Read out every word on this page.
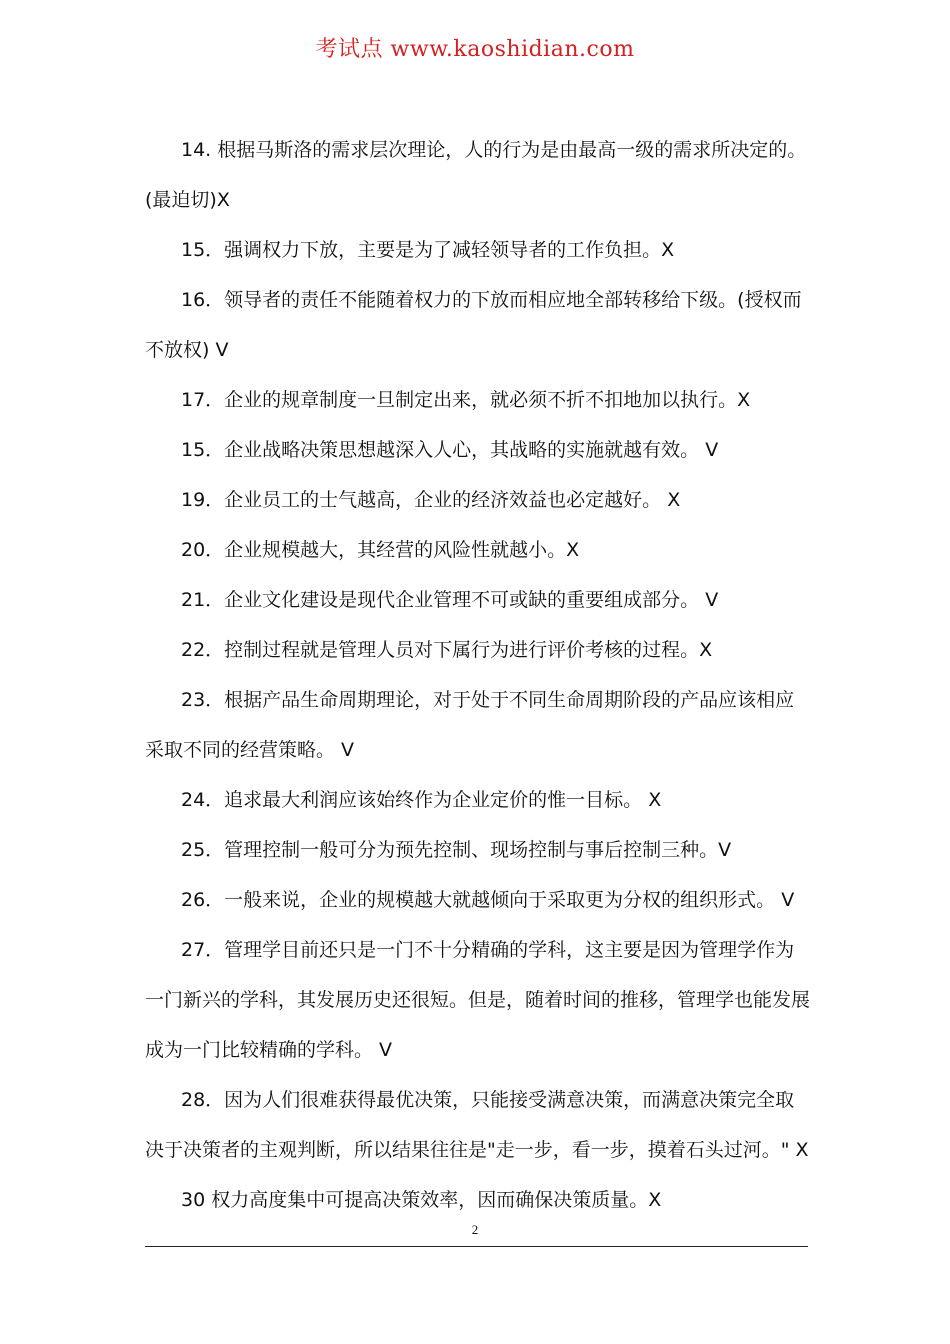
考试点 www.kaoshidian.com

14. 根据马斯洛的需求层次理论，人的行为是由最高一级的需求所决定的。(最迫切)X

15．强调权力下放，主要是为了减轻领导者的工作负担。X

16．领导者的责任不能随着权力的下放而相应地全部转移给下级。(授权而不放权) V

17．企业的规章制度一旦制定出来，就必须不折不扣地加以执行。X

15．企业战略决策思想越深入人心，其战略的实施就越有效。 V

19．企业员工的士气越高，企业的经济效益也必定越好。 X

20．企业规模越大，其经营的风险性就越小。X

21．企业文化建设是现代企业管理不可或缺的重要组成部分。 V

22．控制过程就是管理人员对下属行为进行评价考核的过程。X

23．根据产品生命周期理论，对于处于不同生命周期阶段的产品应该相应采取不同的经营策略。 V

24．追求最大利润应该始终作为企业定价的惟一目标。 X

25．管理控制一般可分为预先控制、现场控制与事后控制三种。V

26．一般来说，企业的规模越大就越倾向于采取更为分权的组织形式。 V

27．管理学目前还只是一门不十分精确的学科，这主要是因为管理学作为一门新兴的学科，其发展历史还很短。但是，随着时间的推移，管理学也能发展成为一门比较精确的学科。 V

28．因为人们很难获得最优决策，只能接受满意决策，而满意决策完全取决于决策者的主观判断，所以结果往往是"走一步，看一步，摸着石头过河。" X

30 权力高度集中可提高决策效率，因而确保决策质量。X

2
